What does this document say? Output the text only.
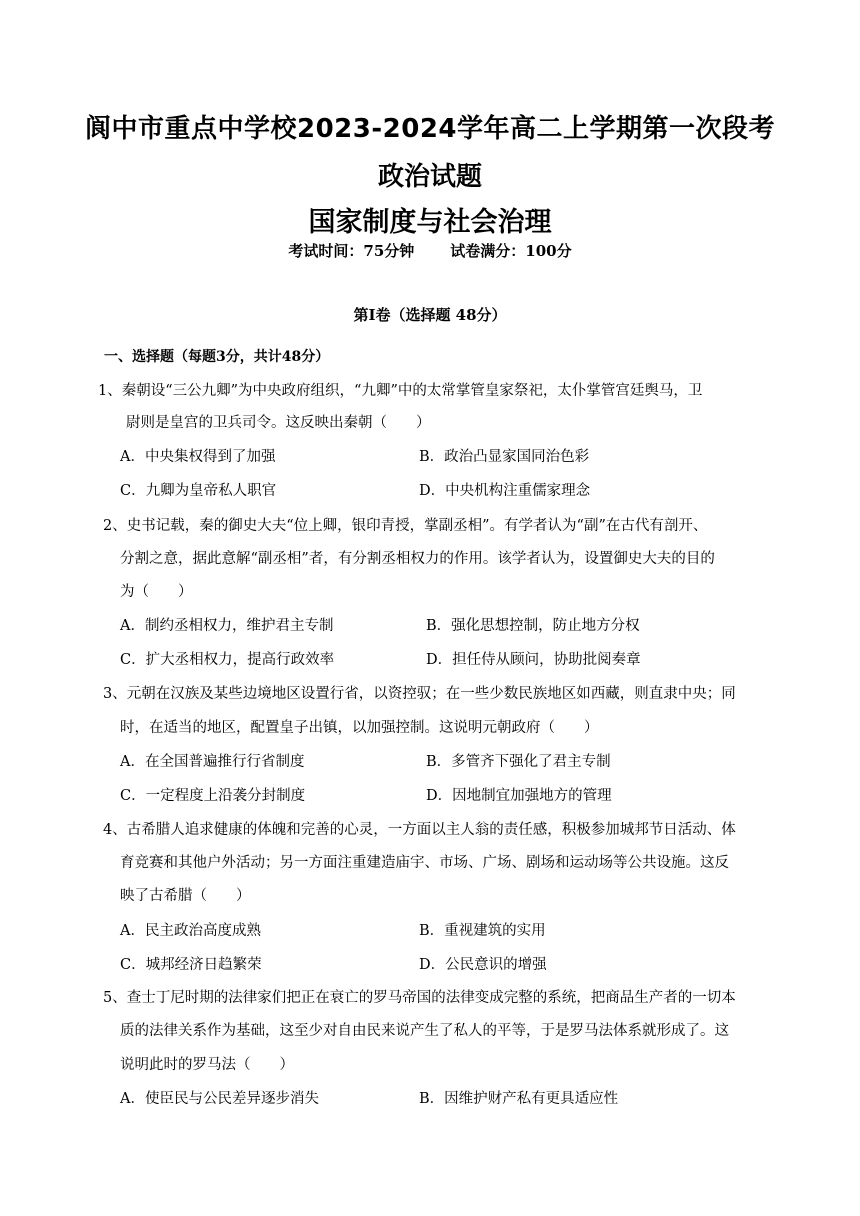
阆中市重点中学校2023-2024学年高二上学期第一次段考
政治试题
国家制度与社会治理
考试时间：75分钟 试卷满分：100分
第Ⅰ卷（选择题 48分）
一、选择题（每题3分，共计48分）
1、秦朝设“三公九卿”为中央政府组织，“九卿”中的太常掌管皇家祭祀，太仆掌管宫廷舆马，卫
尉则是皇宫的卫兵司令。这反映出秦朝（　　）
A．中央集权得到了加强	B．政治凸显家国同治色彩
C．九卿为皇帝私人职官	D．中央机构注重儒家理念
2、史书记载，秦的御史大夫“位上卿，银印青授，掌副丞相”。有学者认为“副”在古代有剖开、
分割之意，据此意解“副丞相”者，有分割丞相权力的作用。该学者认为，设置御史大夫的目的
为（　　）
A．制约丞相权力，维护君主专制	B．强化思想控制，防止地方分权
C．扩大丞相权力，提高行政效率	D．担任侍从顾问，协助批阅奏章
3、元朝在汉族及某些边境地区设置行省，以资控驭；在一些少数民族地区如西藏，则直隶中央；同
时，在适当的地区，配置皇子出镇，以加强控制。这说明元朝政府（　　）
A．在全国普遍推行行省制度	B．多管齐下强化了君主专制
C．一定程度上沿袭分封制度	D．因地制宜加强地方的管理
4、古希腊人追求健康的体魄和完善的心灵，一方面以主人翁的责任感，积极参加城邦节日活动、体
育竞赛和其他户外活动；另一方面注重建造庙宇、市场、广场、剧场和运动场等公共设施。这反
映了古希腊（　　）
A．民主政治高度成熟	B．重视建筑的实用
C．城邦经济日趋繁荣	D．公民意识的增强
5、查士丁尼时期的法律家们把正在衰亡的罗马帝国的法律变成完整的系统，把商品生产者的一切本
质的法律关系作为基础，这至少对自由民来说产生了私人的平等，于是罗马法体系就形成了。这
说明此时的罗马法（　　）
A．使臣民与公民差异逐步消失	B．因维护财产私有更具适应性
